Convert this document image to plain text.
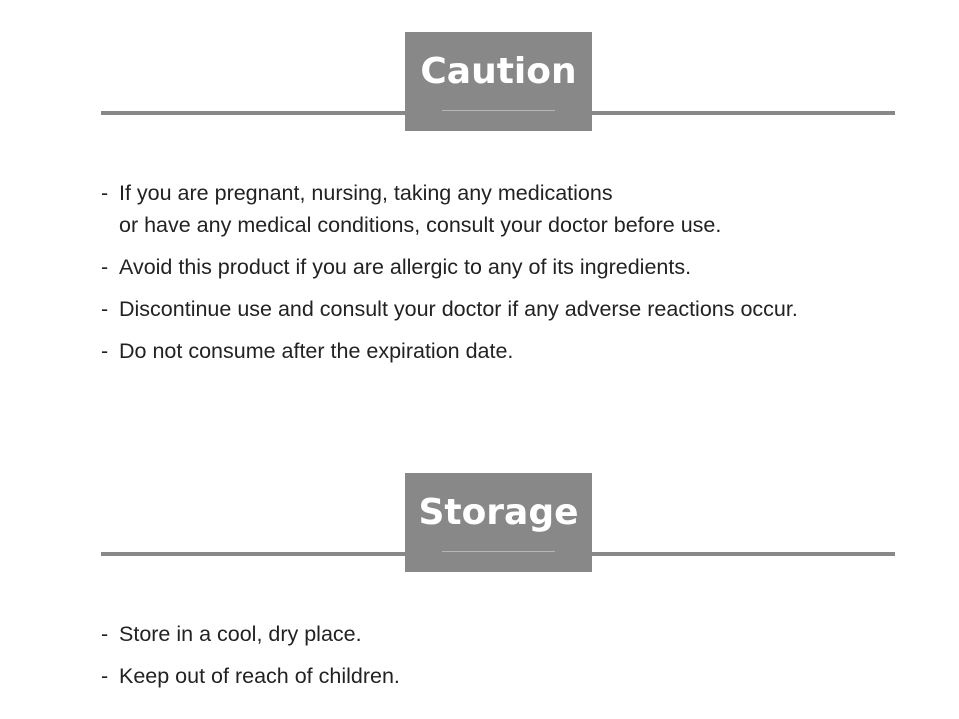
Caution
- If you are pregnant, nursing, taking any medications
or have any medical conditions, consult your doctor before use.
- Avoid this product if you are allergic to any of its ingredients.
- Discontinue use and consult your doctor if any adverse reactions occur.
- Do not consume after the expiration date.
Storage
- Store in a cool, dry place.
- Keep out of reach of children.
